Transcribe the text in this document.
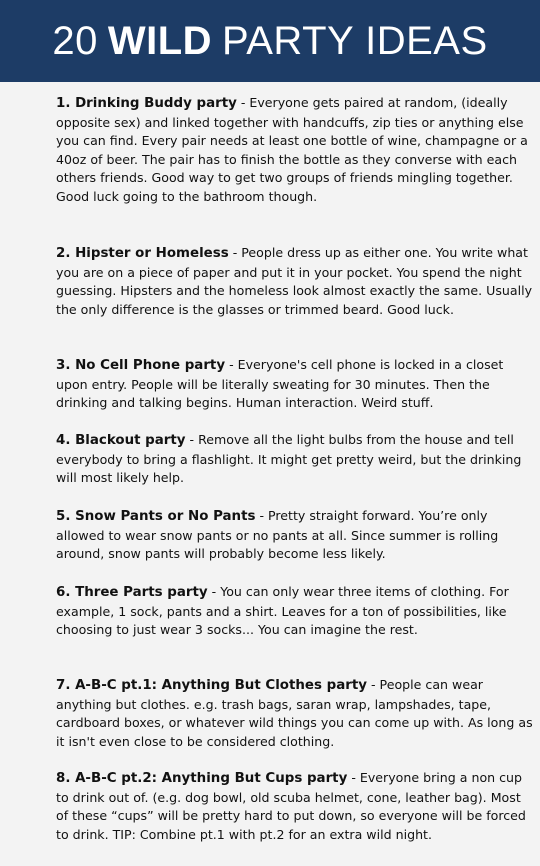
20 WILD PARTY IDEAS
1. Drinking Buddy party - Everyone gets paired at random, (ideally opposite sex) and linked together with handcuffs, zip ties or anything else you can find. Every pair needs at least one bottle of wine, champagne or a 40oz of beer. The pair has to finish the bottle as they converse with each others friends. Good way to get two groups of friends mingling together. Good luck going to the bathroom though.
2. Hipster or Homeless - People dress up as either one. You write what you are on a piece of paper and put it in your pocket. You spend the night guessing. Hipsters and the homeless look almost exactly the same. Usually the only difference is the glasses or trimmed beard. Good luck.
3. No Cell Phone party - Everyone's cell phone is locked in a closet upon entry. People will be literally sweating for 30 minutes. Then the drinking and talking begins. Human interaction. Weird stuff.
4. Blackout party - Remove all the light bulbs from the house and tell everybody to bring a flashlight. It might get pretty weird, but the drinking will most likely help.
5. Snow Pants or No Pants - Pretty straight forward. You’re only allowed to wear snow pants or no pants at all. Since summer is rolling around, snow pants will probably become less likely.
6. Three Parts party - You can only wear three items of clothing. For example, 1 sock, pants and a shirt. Leaves for a ton of possibilities, like choosing to just wear 3 socks... You can imagine the rest.
7. A-B-C pt.1: Anything But Clothes party - People can wear anything but clothes. e.g. trash bags, saran wrap, lampshades, tape, cardboard boxes, or whatever wild things you can come up with. As long as it isn't even close to be considered clothing.
8. A-B-C pt.2: Anything But Cups party - Everyone bring a non cup to drink out of. (e.g. dog bowl, old scuba helmet, cone, leather bag). Most of these “cups” will be pretty hard to put down, so everyone will be forced to drink. TIP: Combine pt.1 with pt.2 for an extra wild night.
